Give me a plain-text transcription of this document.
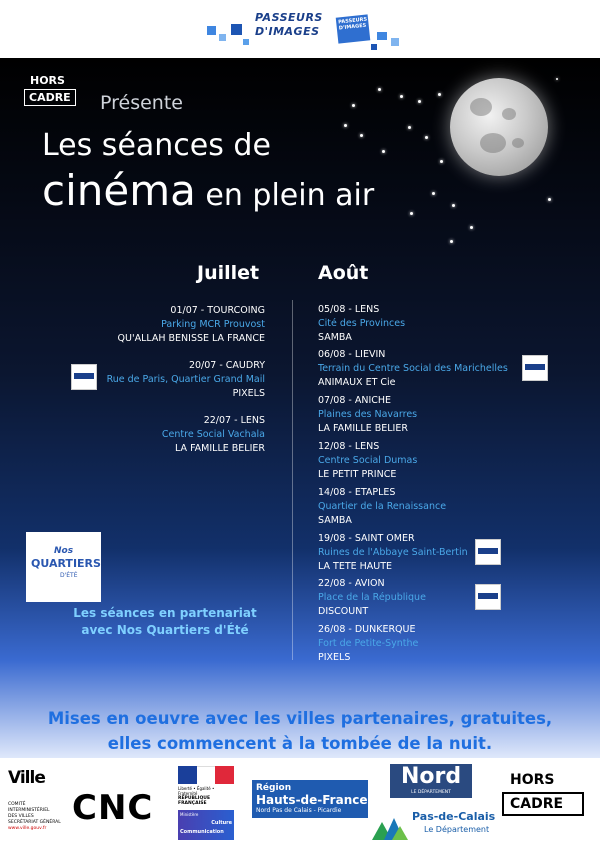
PASSEURS
D'IMAGES
PASSEURS D'IMAGES
HORS
CADRE Présente
Les séances de
cinéma en plein air
Juillet	Août
01/07 - TOURCOING
Parking MCR Prouvost
QU'ALLAH BENISSE LA FRANCE
20/07 - CAUDRY
Rue de Paris, Quartier Grand Mail
PIXELS
22/07 - LENS
Centre Social Vachala
LA FAMILLE BELIER
05/08 - LENS
Cité des Provinces
SAMBA
06/08 - LIEVIN
Terrain du Centre Social des Marichelles
ANIMAUX ET Cie
07/08 - ANICHE
Plaines des Navarres
LA FAMILLE BELIER
12/08 - LENS
Centre Social Dumas
LE PETIT PRINCE
14/08 - ETAPLES
Quartier de la Renaissance
SAMBA
19/08 - SAINT OMER
Ruines de l'Abbaye Saint-Bertin
LA TETE HAUTE
22/08 - AVION
Place de la République
DISCOUNT
26/08 - DUNKERQUE
Fort de Petite-Synthe
PIXELS
Nos
QUARTIERS
D'ÉTÉ
Les séances en partenariat
avec Nos Quartiers d'Été
Mises en oeuvre avec les villes partenaires, gratuites,
elles commencent à la tombée de la nuit.
Ville
COMITÉ
INTERMINISTÉRIEL
DES VILLES
SECRÉTARIAT GÉNÉRAL
www.ville.gouv.fr
CNC	Liberté • Égalité • Fraternité
RÉPUBLIQUE FRANÇAISE
Ministère
Culture
Communication
Région
Hauts-de-France
Nord Pas de Calais - Picardie
Nord
LE DÉPARTEMENT
Pas-de-Calais
Le Département
HORS
CADRE
